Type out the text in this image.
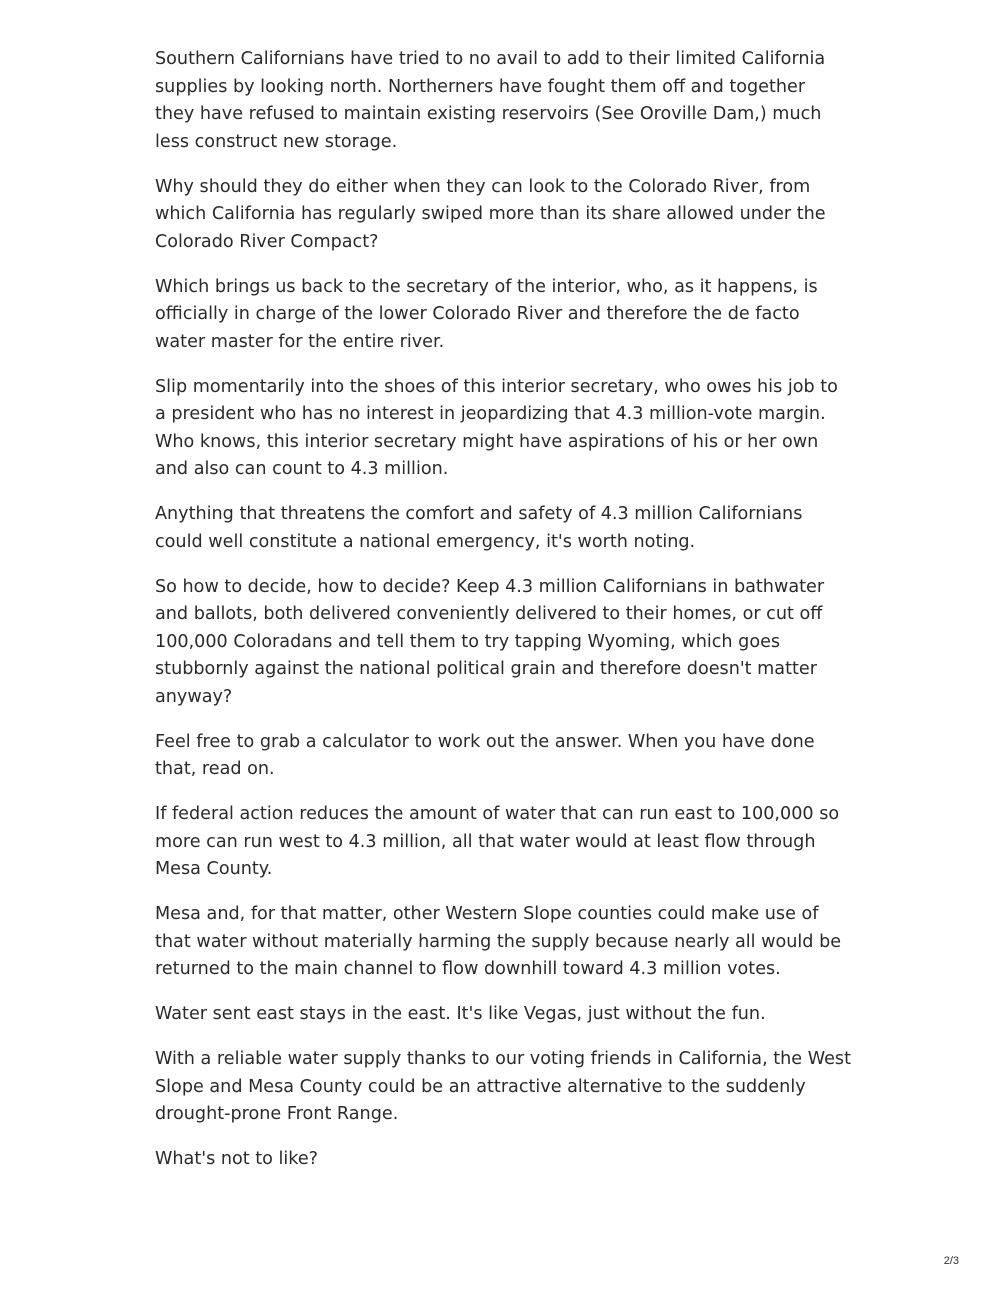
Southern Californians have tried to no avail to add to their limited California
supplies by looking north. Northerners have fought them off and together
they have refused to maintain existing reservoirs (See Oroville Dam,) much
less construct new storage.

Why should they do either when they can look to the Colorado River, from
which California has regularly swiped more than its share allowed under the
Colorado River Compact?

Which brings us back to the secretary of the interior, who, as it happens, is
officially in charge of the lower Colorado River and therefore the de facto
water master for the entire river.

Slip momentarily into the shoes of this interior secretary, who owes his job to
a president who has no interest in jeopardizing that 4.3 million-vote margin.
Who knows, this interior secretary might have aspirations of his or her own
and also can count to 4.3 million.

Anything that threatens the comfort and safety of 4.3 million Californians
could well constitute a national emergency, it's worth noting.

So how to decide, how to decide? Keep 4.3 million Californians in bathwater
and ballots, both delivered conveniently delivered to their homes, or cut off
100,000 Coloradans and tell them to try tapping Wyoming, which goes
stubbornly against the national political grain and therefore doesn't matter
anyway?

Feel free to grab a calculator to work out the answer. When you have done
that, read on.

If federal action reduces the amount of water that can run east to 100,000 so
more can run west to 4.3 million, all that water would at least flow through
Mesa County.

Mesa and, for that matter, other Western Slope counties could make use of
that water without materially harming the supply because nearly all would be
returned to the main channel to flow downhill toward 4.3 million votes.

Water sent east stays in the east. It's like Vegas, just without the fun.

With a reliable water supply thanks to our voting friends in California, the West
Slope and Mesa County could be an attractive alternative to the suddenly
drought-prone Front Range.

What's not to like?

2/3
